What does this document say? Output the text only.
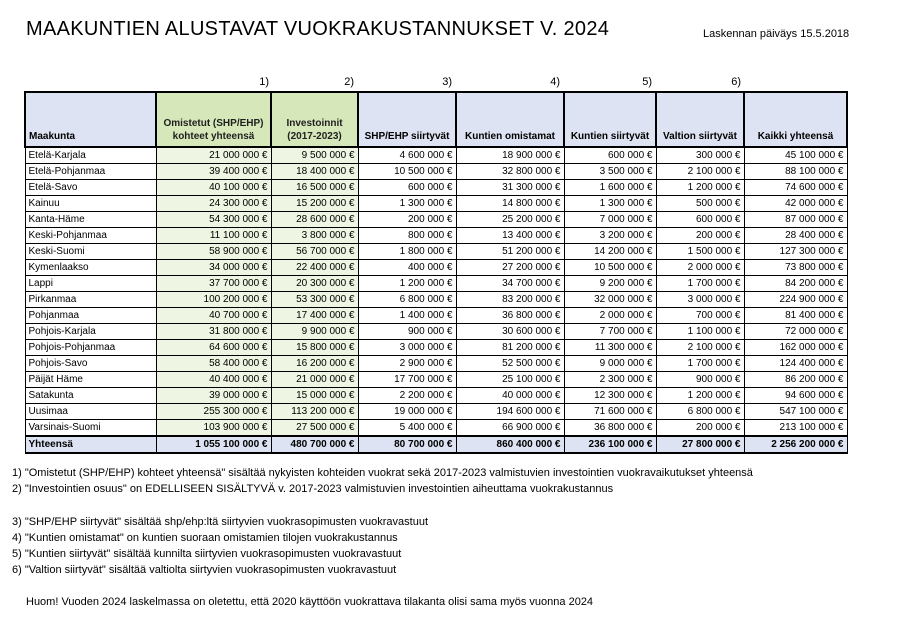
MAAKUNTIEN ALUSTAVAT VUOKRAKUSTANNUKSET V. 2024	Laskennan päiväys 15.5.2018
1)	2)	3)	4)	5)	6)
Maakunta	Omistetut (SHP/EHP) kohteet yhteensä	Investoinnit (2017-2023)	SHP/EHP siirtyvät	Kuntien omistamat	Kuntien siirtyvät	Valtion siirtyvät	Kaikki yhteensä
Etelä-Karjala	21 000 000 €	9 500 000 €	4 600 000 €	18 900 000 €	600 000 €	300 000 €	45 100 000 €
Etelä-Pohjanmaa	39 400 000 €	18 400 000 €	10 500 000 €	32 800 000 €	3 500 000 €	2 100 000 €	88 100 000 €
Etelä-Savo	40 100 000 €	16 500 000 €	600 000 €	31 300 000 €	1 600 000 €	1 200 000 €	74 600 000 €
Kainuu	24 300 000 €	15 200 000 €	1 300 000 €	14 800 000 €	1 300 000 €	500 000 €	42 000 000 €
Kanta-Häme	54 300 000 €	28 600 000 €	200 000 €	25 200 000 €	7 000 000 €	600 000 €	87 000 000 €
Keski-Pohjanmaa	11 100 000 €	3 800 000 €	800 000 €	13 400 000 €	3 200 000 €	200 000 €	28 400 000 €
Keski-Suomi	58 900 000 €	56 700 000 €	1 800 000 €	51 200 000 €	14 200 000 €	1 500 000 €	127 300 000 €
Kymenlaakso	34 000 000 €	22 400 000 €	400 000 €	27 200 000 €	10 500 000 €	2 000 000 €	73 800 000 €
Lappi	37 700 000 €	20 300 000 €	1 200 000 €	34 700 000 €	9 200 000 €	1 700 000 €	84 200 000 €
Pirkanmaa	100 200 000 €	53 300 000 €	6 800 000 €	83 200 000 €	32 000 000 €	3 000 000 €	224 900 000 €
Pohjanmaa	40 700 000 €	17 400 000 €	1 400 000 €	36 800 000 €	2 000 000 €	700 000 €	81 400 000 €
Pohjois-Karjala	31 800 000 €	9 900 000 €	900 000 €	30 600 000 €	7 700 000 €	1 100 000 €	72 000 000 €
Pohjois-Pohjanmaa	64 600 000 €	15 800 000 €	3 000 000 €	81 200 000 €	11 300 000 €	2 100 000 €	162 000 000 €
Pohjois-Savo	58 400 000 €	16 200 000 €	2 900 000 €	52 500 000 €	9 000 000 €	1 700 000 €	124 400 000 €
Päijät Häme	40 400 000 €	21 000 000 €	17 700 000 €	25 100 000 €	2 300 000 €	900 000 €	86 200 000 €
Satakunta	39 000 000 €	15 000 000 €	2 200 000 €	40 000 000 €	12 300 000 €	1 200 000 €	94 600 000 €
Uusimaa	255 300 000 €	113 200 000 €	19 000 000 €	194 600 000 €	71 600 000 €	6 800 000 €	547 100 000 €
Varsinais-Suomi	103 900 000 €	27 500 000 €	5 400 000 €	66 900 000 €	36 800 000 €	200 000 €	213 100 000 €
Yhteensä	1 055 100 000 €	480 700 000 €	80 700 000 €	860 400 000 €	236 100 000 €	27 800 000 €	2 256 200 000 €
1) "Omistetut (SHP/EHP) kohteet yhteensä" sisältää nykyisten kohteiden vuokrat sekä 2017-2023 valmistuvien investointien vuokravaikutukset yhteensä
2) "Investointien osuus" on EDELLISEEN SISÄLTYVÄ v. 2017-2023 valmistuvien investointien aiheuttama vuokrakustannus
3) "SHP/EHP siirtyvät" sisältää shp/ehp:ltä siirtyvien vuokrasopimusten vuokravastuut
4) "Kuntien omistamat" on kuntien suoraan omistamien tilojen vuokrakustannus
5) "Kuntien siirtyvät" sisältää kunnilta siirtyvien vuokrasopimusten vuokravastuut
6) "Valtion siirtyvät" sisältää valtiolta siirtyvien vuokrasopimusten vuokravastuut
Huom! Vuoden 2024 laskelmassa on oletettu, että 2020 käyttöön vuokrattava tilakanta olisi sama myös vuonna 2024
